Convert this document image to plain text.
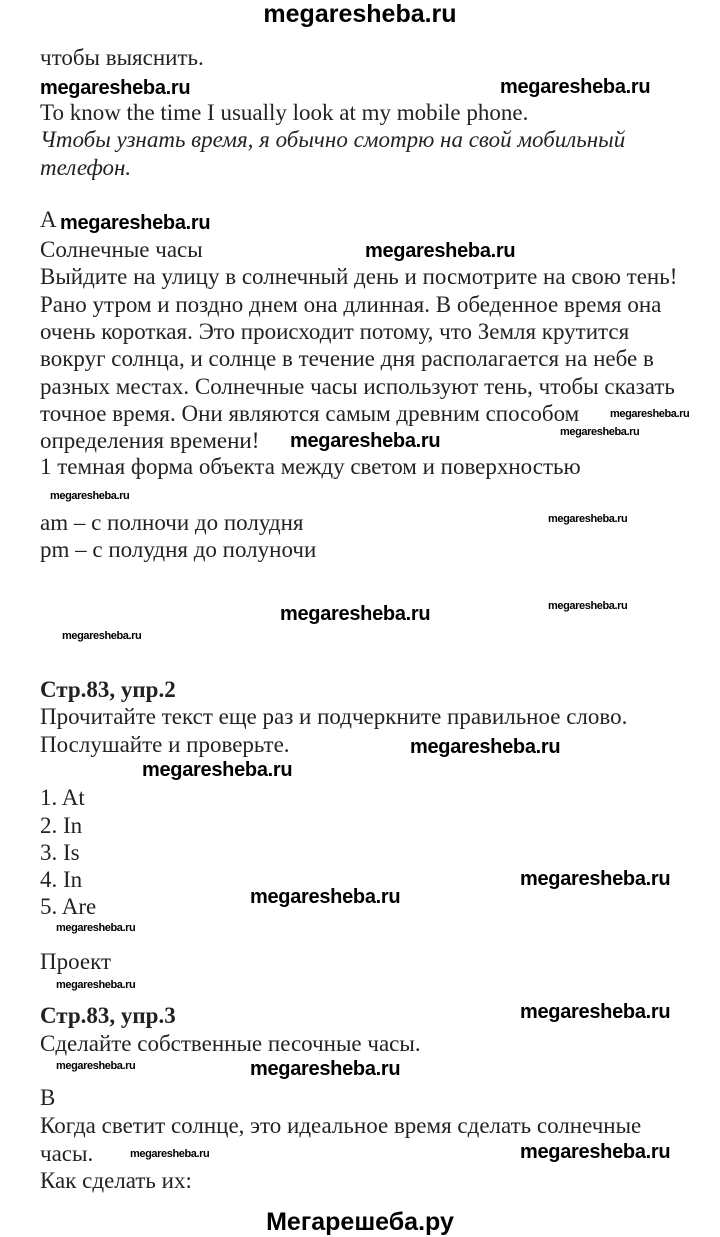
megaresheba.ru
Мегарешеба.ру
чтобы выяснить.
To know the time I usually look at my mobile phone.
Чтобы узнать время, я обычно смотрю на свой мобильный
телефон.
A
Солнечные часы
Выйдите на улицу в солнечный день и посмотрите на свою тень!
Рано утром и поздно днем она длинная. В обеденное время она
очень короткая. Это происходит потому, что Земля крутится
вокруг солнца, и солнце в течение дня располагается на небе в
разных местах. Солнечные часы используют тень, чтобы сказать
точное время. Они являются самым древним способом
определения времени!
1 темная форма объекта между светом и поверхностью
am – с полночи до полудня
pm – с полудня до полуночи
Стр.83, упр.2
Прочитайте текст еще раз и подчеркните правильное слово.
Послушайте и проверьте.
1. At
2. In
3. Is
4. In
5. Are
Проект
Стр.83, упр.3
Сделайте собственные песочные часы.
B
Когда светит солнце, это идеальное время сделать солнечные
часы.
Как сделать их:
megaresheba.ru	megaresheba.ru
megaresheba.ru
megaresheba.ru
megaresheba.ru
megaresheba.ru
megaresheba.ru
megaresheba.ru
megaresheba.ru
megaresheba.ru	megaresheba.ru
megaresheba.ru
megaresheba.ru
megaresheba.ru
megaresheba.ru
megaresheba.ru
megaresheba.ru
megaresheba.ru
megaresheba.ru
megaresheba.ru	megaresheba.ru
megaresheba.ru	megaresheba.ru
